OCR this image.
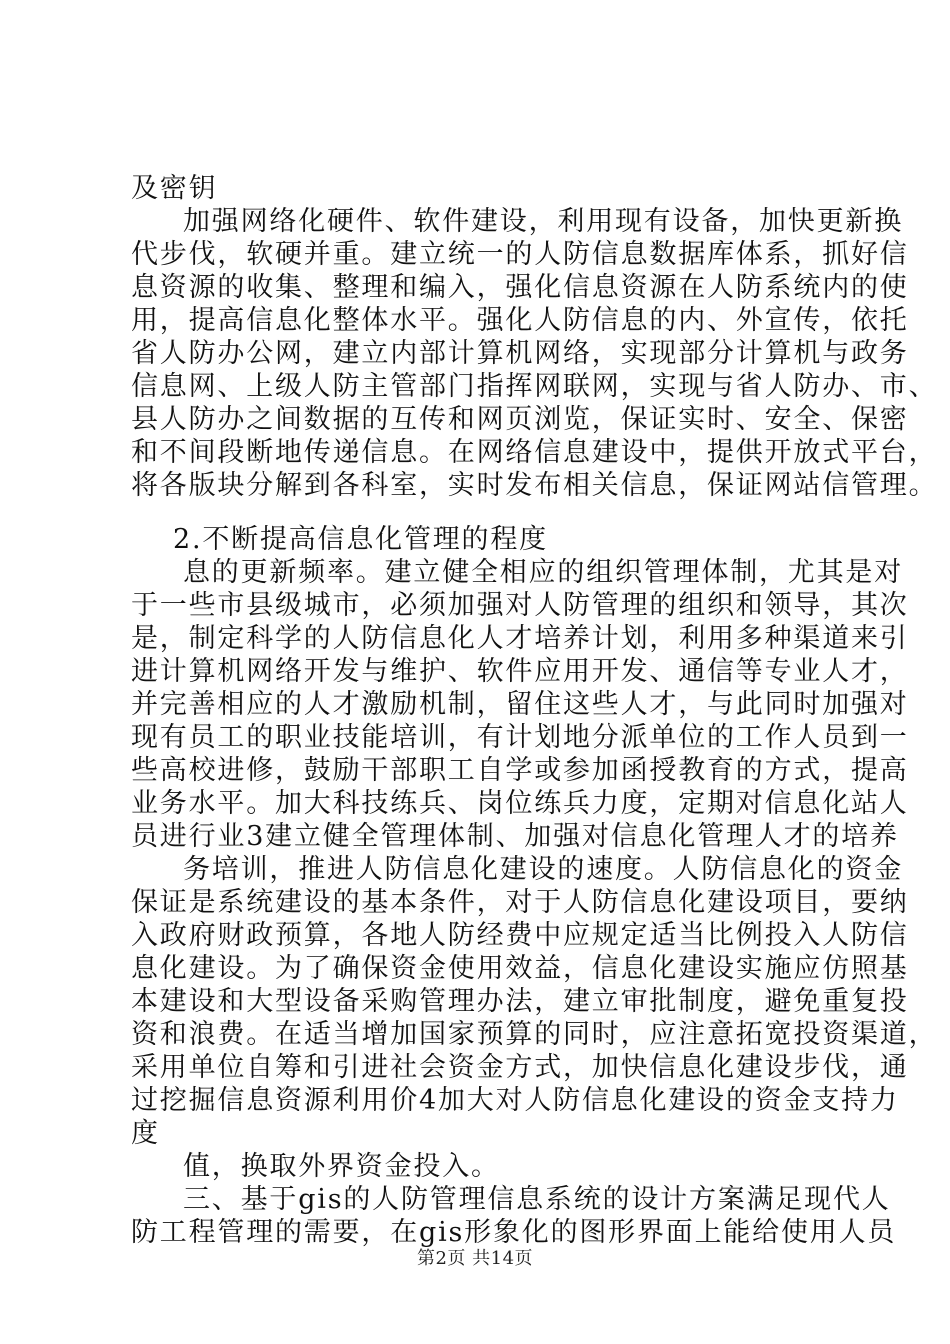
及密钥
加强网络化硬件、软件建设，利用现有设备，加快更新换
代步伐，软硬并重。建立统一的人防信息数据库体系，抓好信
息资源的收集、整理和编入，强化信息资源在人防系统内的使
用，提高信息化整体水平。强化人防信息的内、外宣传，依托
省人防办公网，建立内部计算机网络，实现部分计算机与政务
信息网、上级人防主管部门指挥网联网，实现与省人防办、市、
县人防办之间数据的互传和网页浏览，保证实时、安全、保密
和不间段断地传递信息。在网络信息建设中，提供开放式平台，
将各版块分解到各科室，实时发布相关信息，保证网站信管理。
2.不断提高信息化管理的程度
息的更新频率。建立健全相应的组织管理体制，尤其是对
于一些市县级城市，必须加强对人防管理的组织和领导，其次
是，制定科学的人防信息化人才培养计划，利用多种渠道来引
进计算机网络开发与维护、软件应用开发、通信等专业人才，
并完善相应的人才激励机制，留住这些人才，与此同时加强对
现有员工的职业技能培训，有计划地分派单位的工作人员到一
些高校进修，鼓励干部职工自学或参加函授教育的方式，提高
业务水平。加大科技练兵、岗位练兵力度，定期对信息化站人
员进行业3建立健全管理体制、加强对信息化管理人才的培养
务培训，推进人防信息化建设的速度。人防信息化的资金
保证是系统建设的基本条件，对于人防信息化建设项目，要纳
入政府财政预算，各地人防经费中应规定适当比例投入人防信
息化建设。为了确保资金使用效益，信息化建设实施应仿照基
本建设和大型设备采购管理办法，建立审批制度，避免重复投
资和浪费。在适当增加国家预算的同时，应注意拓宽投资渠道，
采用单位自筹和引进社会资金方式，加快信息化建设步伐，通
过挖掘信息资源利用价4加大对人防信息化建设的资金支持力
度
值，换取外界资金投入。
三、基于gis的人防管理信息系统的设计方案满足现代人
防工程管理的需要，在gis形象化的图形界面上能给使用人员
第2页 共14页
